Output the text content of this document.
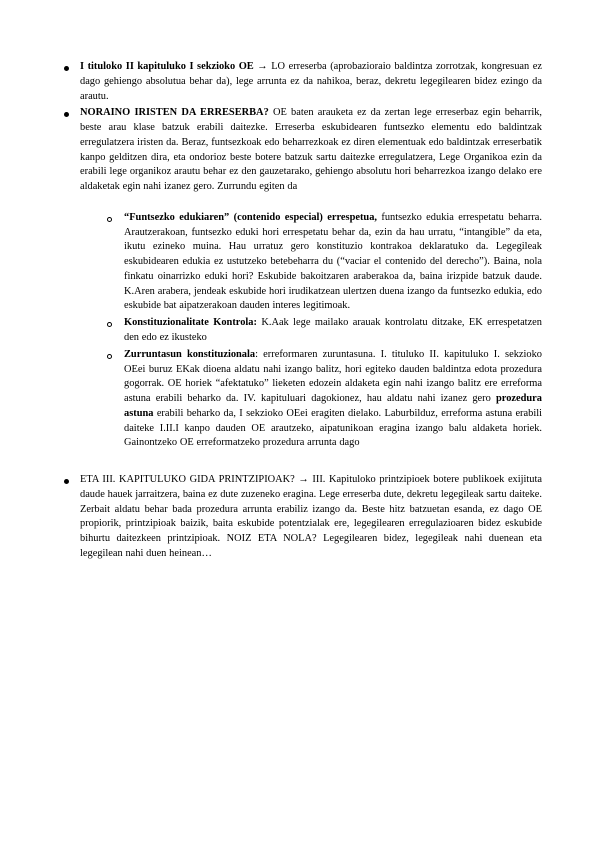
I tituloko II kapituluko I sekzioko OE → LO erreserba (aprobazioraio baldintza zorrotzak, kongresuan ez dago gehiengo absolutua behar da), lege arrunta ez da nahikoa, beraz, dekretu legegilearen bidez ezingo da arautu.

NORAINO IRISTEN DA ERRESERBA? OE baten arauketa ez da zertan lege erreserbaz egin beharrik, beste arau klase batzuk erabili daitezke. Erreserba eskubidearen funtsezko elementu edo baldintzak erregulatzera iristen da. Beraz, funtsezkoak edo beharrezkoak ez diren elementuak edo baldintzak erreserbatik kanpo gelditzen dira, eta ondorioz beste botere batzuk sartu daitezke erregulatzera, Lege Organikoa ezin da erabili lege organikoz arautu behar ez den gauzetarako, gehiengo absolutu hori beharrezkoa izango delako ere aldaketak egin nahi izanez gero. Zurrundu egiten da

“Funtsezko edukiaren” (contenido especial) errespetua, funtsezko edukia errespetatu beharra. Arautzerakoan, funtsezko eduki hori errespetatu behar da, ezin da hau urratu, “intangible” da eta, ikutu ezineko muina. Hau urratuz gero konstituzio kontrakoa deklaratuko da. Legegileak eskubidearen edukia ez ustutzeko betebeharra du (“vaciar el contenido del derecho”). Baina, nola finkatu oinarrizko eduki hori? Eskubide bakoitzaren araberakoa da, baina irizpide batzuk daude. K.Aren arabera, jendeak eskubide hori irudikatzean ulertzen duena izango da funtsezko edukia, edo eskubide bat aipatzerakoan dauden interes legitimoak.

Konstituzionalitate Kontrola: K.Aak lege mailako arauak kontrolatu ditzake, EK errespetatzen den edo ez ikusteko

Zurruntasun konstituzionala: erreformaren zuruntasuna. I. tituluko II. kapituluko I. sekzioko OEei buruz EKak dioena aldatu nahi izango balitz, hori egiteko dauden baldintza edota prozedura gogorrak. OE horiek “afektatuko” lieketen edozein aldaketa egin nahi izango balitz ere erreforma astuna erabili beharko da. IV. kapituluari dagokionez, hau aldatu nahi izanez gero prozedura astuna erabili beharko da, I sekzioko OEei eragiten dielako. Laburbilduz, erreforma astuna erabili daiteke I.II.I kanpo dauden OE arautzeko, aipatunikoan eragina izango balu aldaketa horiek. Gainontzeko OE erreformatzeko prozedura arrunta dago

ETA III. KAPITULUKO GIDA PRINTZIPIOAK? → III. Kapituloko printzipioek botere publikoek exijituta daude hauek jarraitzera, baina ez dute zuzeneko eragina. Lege erreserba dute, dekretu legegileak sartu daiteke. Zerbait aldatu behar bada prozedura arrunta erabiliz izango da. Beste hitz batzuetan esanda, ez dago OE propiorik, printzipioak baizik, baita eskubide potentzialak ere, legegilearen erregulazioaren bidez eskubide bihurtu daitezkeen printzipioak. NOIZ ETA NOLA? Legegilearen bidez, legegileak nahi duenean eta legegilean nahi duen heinean…
